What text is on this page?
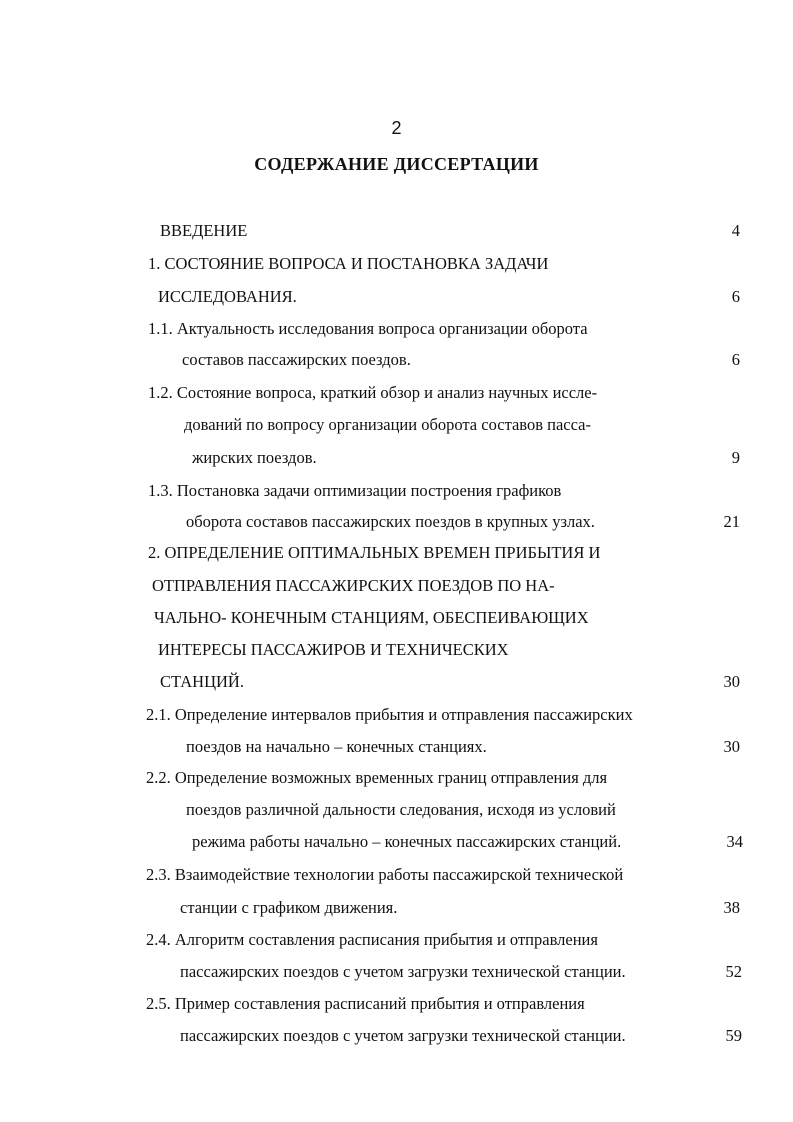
2
СОДЕРЖАНИЕ ДИССЕРТАЦИИ
ВВЕДЕНИЕ	4
1. СОСТОЯНИЕ ВОПРОСА И ПОСТАНОВКА ЗАДАЧИ
ИССЛЕДОВАНИЯ.	6
1.1. Актуальность исследования вопроса организации оборота
составов пассажирских поездов.	6
1.2. Состояние вопроса, краткий обзор и анализ научных иссле-
дований по вопросу организации оборота составов пасса-
жирских поездов.	9
1.3. Постановка задачи оптимизации построения графиков
оборота составов пассажирских поездов в крупных узлах.	21
2. ОПРЕДЕЛЕНИЕ ОПТИМАЛЬНЫХ ВРЕМЕН ПРИБЫТИЯ И
ОТПРАВЛЕНИЯ ПАССАЖИРСКИХ ПОЕЗДОВ ПО НА-
ЧАЛЬНО- КОНЕЧНЫМ СТАНЦИЯМ, ОБЕСПЕИВАЮЩИХ
ИНТЕРЕСЫ ПАССАЖИРОВ И ТЕХНИЧЕСКИХ
СТАНЦИЙ.	30
2.1. Определение интервалов прибытия и отправления пассажирских
поездов на начально – конечных станциях.	30
2.2. Определение возможных временных границ отправления для
поездов различной дальности следования, исходя из условий
режима работы начально – конечных пассажирских станций.	34
2.3. Взаимодействие технологии работы пассажирской технической
станции с графиком движения.	38
2.4. Алгоритм составления расписания прибытия и отправления
пассажирских поездов с учетом загрузки технической станции.	52
2.5. Пример составления расписаний прибытия и отправления
пассажирских поездов с учетом загрузки технической станции.	59
